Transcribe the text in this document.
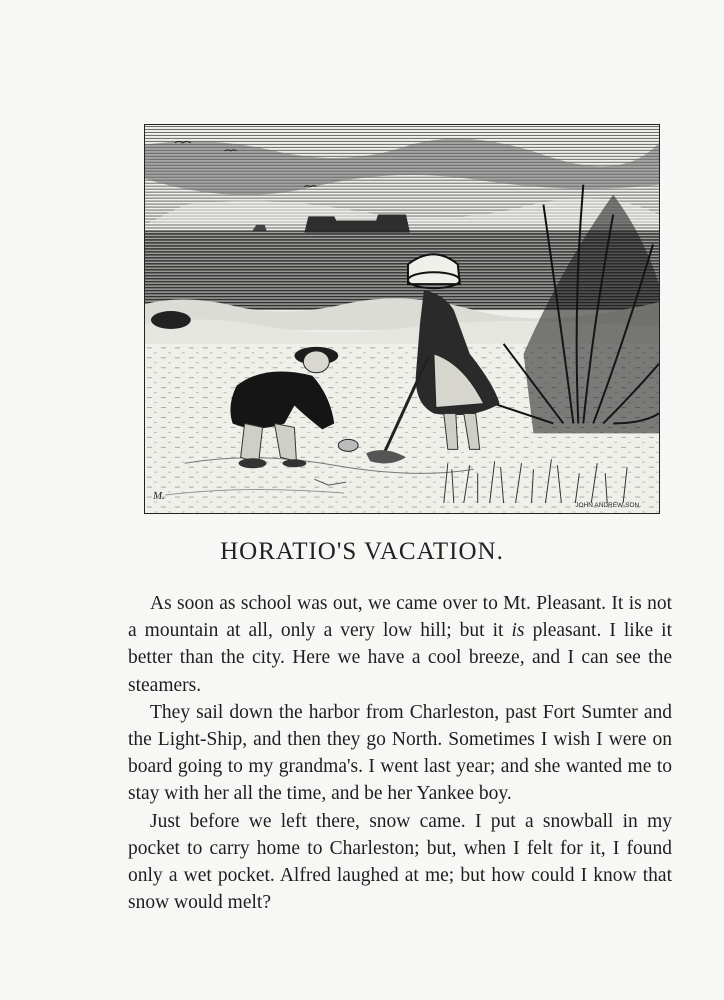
M.
JOHN ANDREW-SON.
HORATIO'S VACATION.

As soon as school was out, we came over to Mt. Pleasant. It is not a mountain at all, only a very low hill; but it is pleasant. I like it better than the city. Here we have a cool breeze, and I can see the steamers.

They sail down the harbor from Charleston, past Fort Sumter and the Light-Ship, and then they go North. Sometimes I wish I were on board going to my grandma's. I went last year; and she wanted me to stay with her all the time, and be her Yankee boy.

Just before we left there, snow came. I put a snowball in my pocket to carry home to Charleston; but, when I felt for it, I found only a wet pocket. Alfred laughed at me; but how could I know that snow would melt?
